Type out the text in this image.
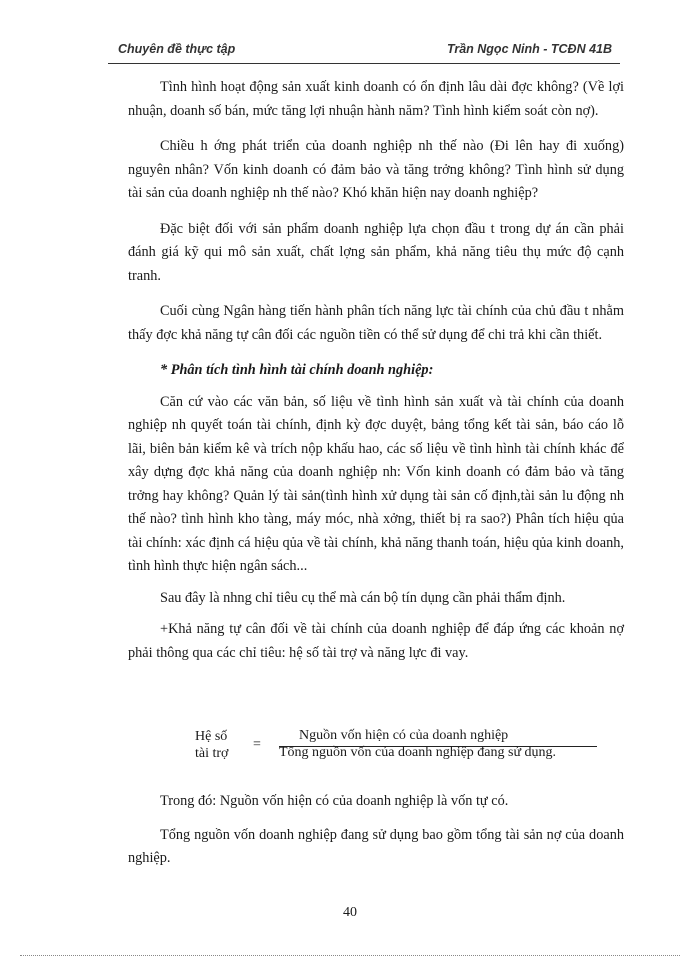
Chuyên đề thực tập	Trần Ngọc Ninh - TCĐN 41B

Tình hình hoạt động sản xuất kinh doanh có ổn định lâu dài đợc không? (Về lợi nhuận, doanh số bán, mức tăng lợi nhuận hành năm? Tình hình kiểm soát còn nợ).

Chiều h ớng phát triển của doanh nghiệp nh thế nào (Đi lên hay đi xuống) nguyên nhân? Vốn kinh doanh có đảm bảo và tăng trởng không? Tình hình sử dụng tài sản của doanh nghiệp nh thế nào? Khó khăn hiện nay doanh nghiệp?

Đặc biệt đối với sản phẩm doanh nghiệp lựa chọn đầu t trong dự án cần phải đánh giá kỹ qui mô sản xuất, chất lợng sản phẩm, khả năng tiêu thụ mức độ cạnh tranh.

Cuối cùng Ngân hàng tiến hành phân tích năng lực tài chính của chủ đầu t nhằm thấy đợc khả năng tự cân đối các nguồn tiền có thể sử dụng để chi trả khi cần thiết.

* Phân tích tình hình tài chính doanh nghiệp:

Căn cứ vào các văn bản, số liệu về tình hình sản xuất và tài chính của doanh nghiệp nh quyết toán tài chính, định kỳ đợc duyệt, bảng tổng kết tài sản, báo cáo lỗ lãi, biên bản kiểm kê và trích nộp khấu hao, các số liệu về tình hình tài chính khác để xây dựng đợc khả năng của doanh nghiệp nh: Vốn kinh doanh có đảm bảo và tăng trởng hay không? Quản lý tài sản(tình hình xử dụng tài sản cố định,tài sản lu động nh thế nào? tình hình kho tàng, máy móc, nhà xởng, thiết bị ra sao?) Phân tích hiệu qủa tài chính: xác định cá hiệu qủa về tài chính, khả năng thanh toán, hiệu qủa kinh doanh, tình hình thực hiện ngân sách...

Sau đây là nhng chỉ tiêu cụ thể mà cán bộ tín dụng cần phải thẩm định.

+Khả năng tự cân đối về tài chính của doanh nghiệp để đáp ứng các khoản nợ phải thông qua các chỉ tiêu: hệ số tài trợ và năng lực đi vay.

Hệ số
tài trợ
=
Nguồn vốn hiện có của doanh nghiệp
Tổng nguồn vốn của doanh nghiệp đang sử dụng.

Trong đó: Nguồn vốn hiện có của doanh nghiệp là vốn tự có.

Tổng nguồn vốn doanh nghiệp đang sử dụng bao gồm tổng tài sản nợ của doanh nghiệp.

40
